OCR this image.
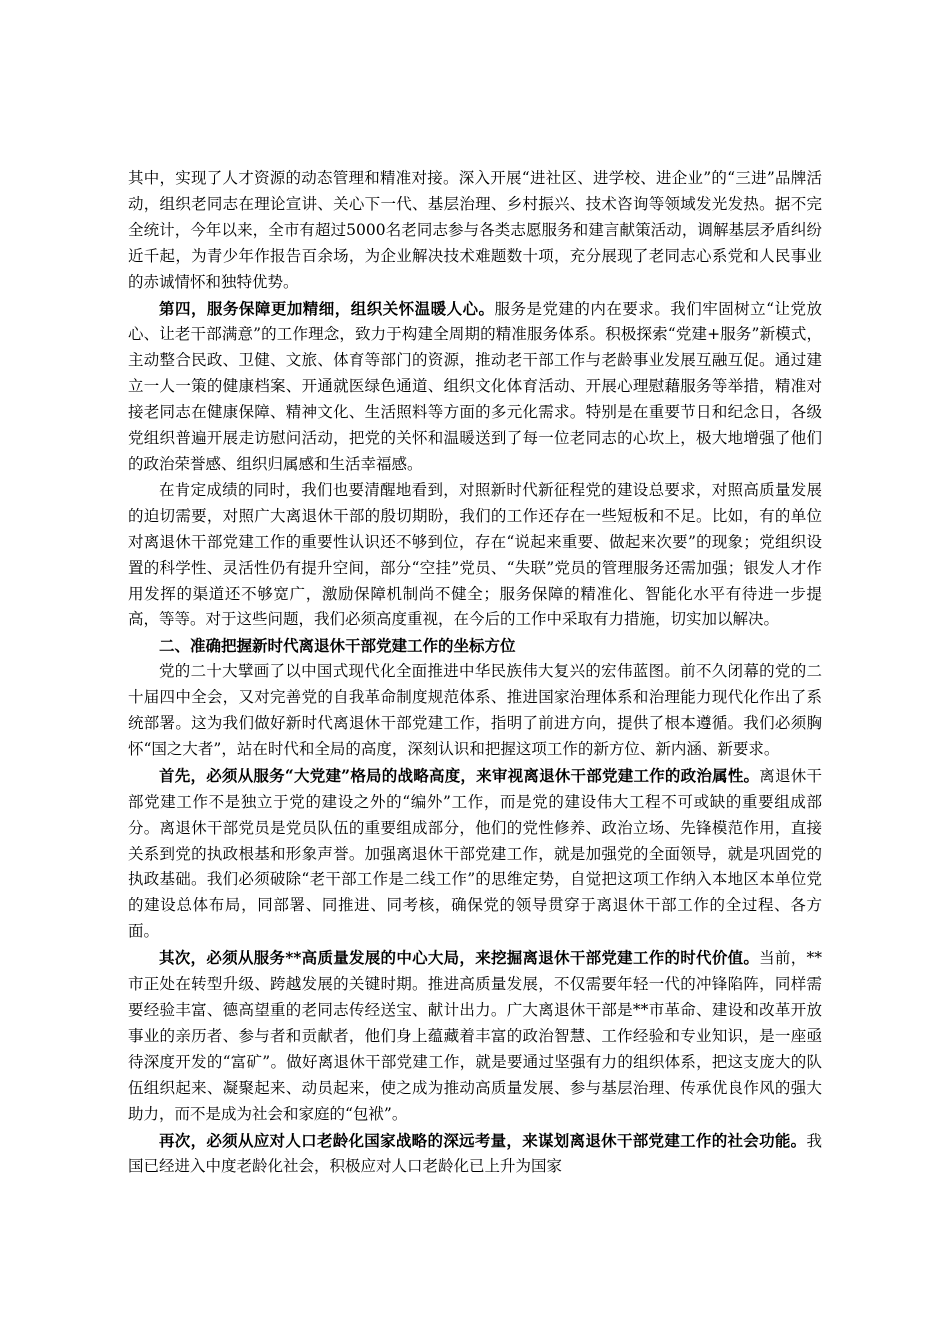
其中，实现了人才资源的动态管理和精准对接。深入开展“进社区、进学校、进企业”的“三进”品牌活动，组织老同志在理论宣讲、关心下一代、基层治理、乡村振兴、技术咨询等领域发光发热。据不完全统计，今年以来，全市有超过5000名老同志参与各类志愿服务和建言献策活动，调解基层矛盾纠纷近千起，为青少年作报告百余场，为企业解决技术难题数十项，充分展现了老同志心系党和人民事业的赤诚情怀和独特优势。

第四，服务保障更加精细，组织关怀温暖人心。服务是党建的内在要求。我们牢固树立“让党放心、让老干部满意”的工作理念，致力于构建全周期的精准服务体系。积极探索“党建+服务”新模式，主动整合民政、卫健、文旅、体育等部门的资源，推动老干部工作与老龄事业发展互融互促。通过建立一人一策的健康档案、开通就医绿色通道、组织文化体育活动、开展心理慰藉服务等举措，精准对接老同志在健康保障、精神文化、生活照料等方面的多元化需求。特别是在重要节日和纪念日，各级党组织普遍开展走访慰问活动，把党的关怀和温暖送到了每一位老同志的心坎上，极大地增强了他们的政治荣誉感、组织归属感和生活幸福感。

在肯定成绩的同时，我们也要清醒地看到，对照新时代新征程党的建设总要求，对照高质量发展的迫切需要，对照广大离退休干部的殷切期盼，我们的工作还存在一些短板和不足。比如，有的单位对离退休干部党建工作的重要性认识还不够到位，存在“说起来重要、做起来次要”的现象；党组织设置的科学性、灵活性仍有提升空间，部分“空挂”党员、“失联”党员的管理服务还需加强；银发人才作用发挥的渠道还不够宽广，激励保障机制尚不健全；服务保障的精准化、智能化水平有待进一步提高，等等。对于这些问题，我们必须高度重视，在今后的工作中采取有力措施，切实加以解决。

二、准确把握新时代离退休干部党建工作的坐标方位

党的二十大擘画了以中国式现代化全面推进中华民族伟大复兴的宏伟蓝图。前不久闭幕的党的二十届四中全会，又对完善党的自我革命制度规范体系、推进国家治理体系和治理能力现代化作出了系统部署。这为我们做好新时代离退休干部党建工作，指明了前进方向，提供了根本遵循。我们必须胸怀“国之大者”，站在时代和全局的高度，深刻认识和把握这项工作的新方位、新内涵、新要求。

首先，必须从服务“大党建”格局的战略高度，来审视离退休干部党建工作的政治属性。离退休干部党建工作不是独立于党的建设之外的“编外”工作，而是党的建设伟大工程不可或缺的重要组成部分。离退休干部党员是党员队伍的重要组成部分，他们的党性修养、政治立场、先锋模范作用，直接关系到党的执政根基和形象声誉。加强离退休干部党建工作，就是加强党的全面领导，就是巩固党的执政基础。我们必须破除“老干部工作是二线工作”的思维定势，自觉把这项工作纳入本地区本单位党的建设总体布局，同部署、同推进、同考核，确保党的领导贯穿于离退休干部工作的全过程、各方面。

其次，必须从服务**高质量发展的中心大局，来挖掘离退休干部党建工作的时代价值。当前，**市正处在转型升级、跨越发展的关键时期。推进高质量发展，不仅需要年轻一代的冲锋陷阵，同样需要经验丰富、德高望重的老同志传经送宝、献计出力。广大离退休干部是**市革命、建设和改革开放事业的亲历者、参与者和贡献者，他们身上蕴藏着丰富的政治智慧、工作经验和专业知识，是一座亟待深度开发的“富矿”。做好离退休干部党建工作，就是要通过坚强有力的组织体系，把这支庞大的队伍组织起来、凝聚起来、动员起来，使之成为推动高质量发展、参与基层治理、传承优良作风的强大助力，而不是成为社会和家庭的“包袱”。

再次，必须从应对人口老龄化国家战略的深远考量，来谋划离退休干部党建工作的社会功能。我国已经进入中度老龄化社会，积极应对人口老龄化已上升为国家
